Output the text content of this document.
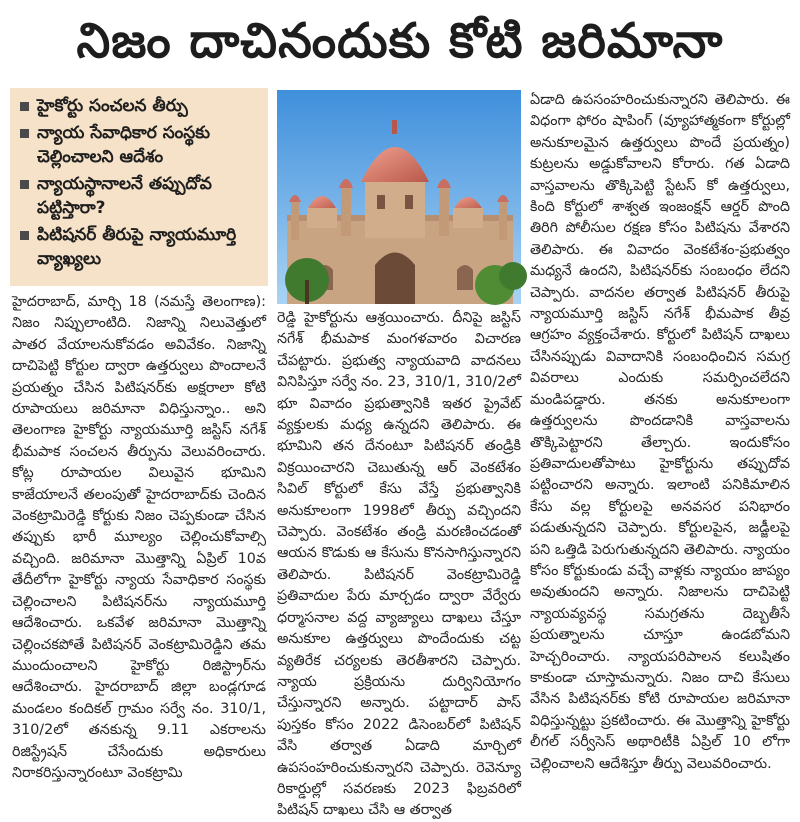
నిజం దాచినందుకు కోటి జరిమానా
హైకోర్టు సంచలన తీర్పు
న్యాయ సేవాధికార సంస్థకు చెల్లించాలని ఆదేశం
న్యాయస్థానాలనే తప్పుదోవ పట్టిస్తారా?
పిటిషనర్ తీరుపై న్యాయమూర్తి వ్యాఖ్యలు

హైదరాబాద్, మార్చి 18 (నమస్తే తెలంగాణ): నిజం నిప్పులాంటిది. నిజాన్ని నిలువెత్తులో పాతర వేయాలనుకోవడం అవివేకం. నిజాన్ని దాచిపెట్టి కోర్టుల ద్వారా ఉత్తర్వులు పొందాలనే ప్రయత్నం చేసిన పిటిషనర్‌కు అక్షరాలా కోటి రూపాయలు జరిమానా విధిస్తున్నాం.. అని తెలంగాణ హైకోర్టు న్యాయమూర్తి జస్టిస్ నగేశ్ భీమపాక సంచలన తీర్పును వెలువరించారు. కోట్ల రూపాయల విలువైన భూమిని కాజేయాలనే తలంపుతో హైదరాబాద్‌కు చెందిన వెంకట్రామిరెడ్డి కోర్టుకు నిజం చెప్పకుండా చేసిన తప్పుకు భారీ మూల్యం చెల్లించుకోవాల్సి వచ్చింది. జరిమానా మొత్తాన్ని ఏప్రిల్ 10వ తేదీలోగా హైకోర్టు న్యాయ సేవాధికార సంస్థకు చెల్లించాలని పిటిషనర్‌ను న్యాయమూర్తి ఆదేశించారు. ఒకవేళ జరిమానా మొత్తాన్ని చెల్లించకపోతే పిటిషనర్ వెంకట్రామిరెడ్డిని తమ ముందుంచాలని హైకోర్టు రిజిస్ట్రార్‌ను ఆదేశించారు. హైదరాబాద్ జిల్లా బండ్లగూడ మండలం కందికల్ గ్రామం సర్వే నం. 310/1, 310/2లో తనకున్న 9.11 ఎకరాలను రిజిస్ట్రేషన్ చేసేందుకు అధికారులు నిరాకరిస్తున్నారంటూ వెంకట్రామి

రెడ్డి హైకోర్టును ఆశ్రయించారు. దీనిపై జస్టిస్ నగేశ్ భీమపాక మంగళవారం విచారణ చేపట్టారు. ప్రభుత్వ న్యాయవాది వాదనలు వినిపిస్తూ సర్వే నం. 23, 310/1, 310/2లో భూ వివాదం ప్రభుత్వానికి ఇతర ప్రైవేట్ వ్యక్తులకు మధ్య ఉన్నదని తెలిపారు. ఈ భూమిని తన దేనంటూ పిటిషనర్ తండ్రికి విక్రయించారని చెబుతున్న ఆర్ వెంకటేశం సివిల్ కోర్టులో కేసు వేస్తే ప్రభుత్వానికి అనుకూలంగా 1998లో తీర్పు వచ్చిందని చెప్పారు. వెంకటేశం తండ్రి మరణించడంతో ఆయన కొడుకు ఆ కేసును కొనసాగిస్తున్నారని తెలిపారు. పిటిషనర్ వెంకట్రామిరెడ్డి ప్రతివాదుల పేరు మార్చడం ద్వారా వేర్వేరు ధర్మాసనాల వద్ద వ్యాజ్యాలు దాఖలు చేస్తూ అనుకూల ఉత్తర్వులు పొందేందుకు చట్ట వ్యతిరేక చర్యలకు తెరతీశారని చెప్పారు. న్యాయ ప్రక్రియను దుర్వినియోగం చేస్తున్నారని అన్నారు. పట్టాదార్ పాస్ పుస్తకం కోసం 2022 డిసెంబర్‌లో పిటిషన్ వేసి తర్వాత ఏడాది మార్చిలో ఉపసంహరించుకున్నారని చెప్పారు. రెవెన్యూ రికార్డుల్లో సవరణకు 2023 ఫిబ్రవరిలో పిటిషన్ దాఖలు చేసి ఆ తర్వాత

ఏడాది ఉపసంహరించుకున్నారని తెలిపారు. ఈ విధంగా ఫోరం షాపింగ్ (వ్యూహాత్మకంగా కోర్టుల్లో అనుకూలమైన ఉత్తర్వులు పొందే ప్రయత్నం) కుట్రలను అడ్డుకోవాలని కోరారు. గత ఏడాది వాస్తవాలను తొక్కిపెట్టి స్టేటస్ కో ఉత్తర్వులు, కింది కోర్టులో శాశ్వత ఇంజంక్షన్ ఆర్డర్ పొంది తిరిగి పోలీసుల రక్షణ కోసం పిటిషను వేశారని తెలిపారు. ఈ వివాదం వెంకటేశం-ప్రభుత్వం మధ్యనే ఉందని, పిటిషనర్‌కు సంబంధం లేదని చెప్పారు. వాదనల తర్వాత పిటిషనర్ తీరుపై న్యాయమూర్తి జస్టిస్ నగేశ్ భీమపాక తీవ్ర ఆగ్రహం వ్యక్తంచేశారు. కోర్టులో పిటిషన్ దాఖలు చేసినప్పుడు వివాదానికి సంబంధించిన సమగ్ర వివరాలు ఎందుకు సమర్పించలేదని మండిపడ్డారు. తనకు అనుకూలంగా ఉత్తర్వులను పొందడానికి వాస్తవాలను తొక్కిపెట్టారని తేల్చారు. ఇందుకోసం ప్రతివాదులతోపాటు హైకోర్టును తప్పుదోవ పట్టించారని అన్నారు. ఇలాంటి పనికిమాలిన కేసు వల్ల కోర్టులపై అనవసర పనిభారం పడుతున్నదని చెప్పారు. కోర్టులపైన, జడ్జీలపై పని ఒత్తిడి పెరుగుతున్నదని తెలిపారు. న్యాయం కోసం కోర్టుకుండు వచ్చే వాళ్లకు న్యాయం జాప్యం అవుతుందని అన్నారు. నిజాలను దాచిపెట్టి న్యాయవ్యవస్థ సమగ్రతను దెబ్బతీసే ప్రయత్నాలను చూస్తూ ఉండబోమని హెచ్చరించారు. న్యాయపరిపాలన కలుషితం కాకుండా చూస్తామన్నారు. నిజం దాచి కేసులు వేసిన పిటిషనర్‌కు కోటి రూపాయల జరిమానా విధిస్తున్నట్టు ప్రకటించారు. ఈ మొత్తాన్ని హైకోర్టు లీగల్ సర్వీసెస్ అథారిటీకి ఏప్రిల్ 10 లోగా చెల్లించాలని ఆదేశిస్తూ తీర్పు వెలువరించారు.
